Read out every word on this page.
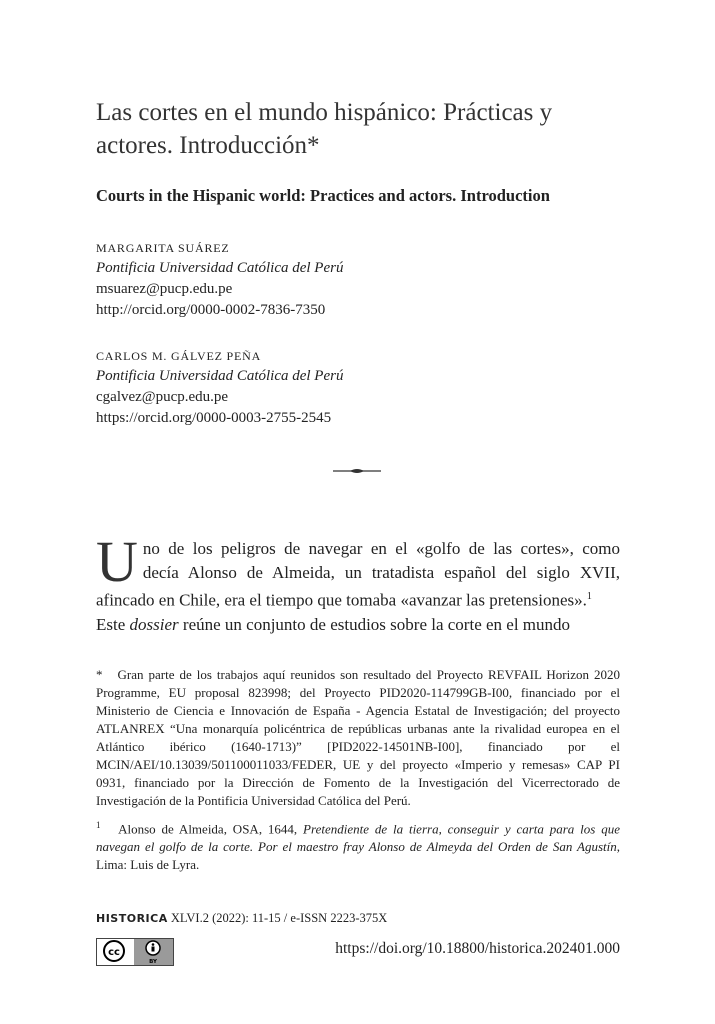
Las cortes en el mundo hispánico: Prácticas y actores. Introducción*
Courts in the Hispanic world: Practices and actors. Introduction
MARGARITA SUÁREZ
Pontificia Universidad Católica del Perú
msuarez@pucp.edu.pe
http://orcid.org/0000-0002-7836-7350
CARLOS M. GÁLVEZ PEÑA
Pontificia Universidad Católica del Perú
cgalvez@pucp.edu.pe
https://orcid.org/0000-0003-2755-2545
U no de los peligros de navegar en el «golfo de las cortes», como
decía Alonso de Almeida, un tratadista español del siglo XVII,
afincado en Chile, era el tiempo que tomaba «avanzar las pretensiones».$^1$
Este dossier reúne un conjunto de estudios sobre la corte en el mundo

* Gran parte de los trabajos aquí reunidos son resultado del Proyecto REVFAIL Horizon 2020 Programme, EU proposal 823998; del Proyecto PID2020-114799GB-I00, financiado por el Ministerio de Ciencia e Innovación de España - Agencia Estatal de Investigación; del proyecto ATLANREX “Una monarquía policéntrica de repúblicas urbanas ante la rivalidad europea en el Atlántico ibérico (1640-1713)” [PID2022-14501NB-I00], financiado por el MCIN/AEI/10.13039/501100011033/FEDER, UE y del proyecto «Imperio y remesas» CAP PI 0931, financiado por la Dirección de Fomento de la Investigación del Vicerrectorado de Investigación de la Pontificia Universidad Católica del Perú.

$^1$ Alonso de Almeida, OSA, 1644, Pretendiente de la tierra, conseguir y carta para los que navegan el golfo de la corte. Por el maestro fray Alonso de Almeyda del Orden de San Agustín, Lima: Luis de Lyra.

HISTORICA XLVI.2 (2022): 11-15 / e-ISSN 2223-375X
cc
BY
https://doi.org/10.18800/historica.202401.000
